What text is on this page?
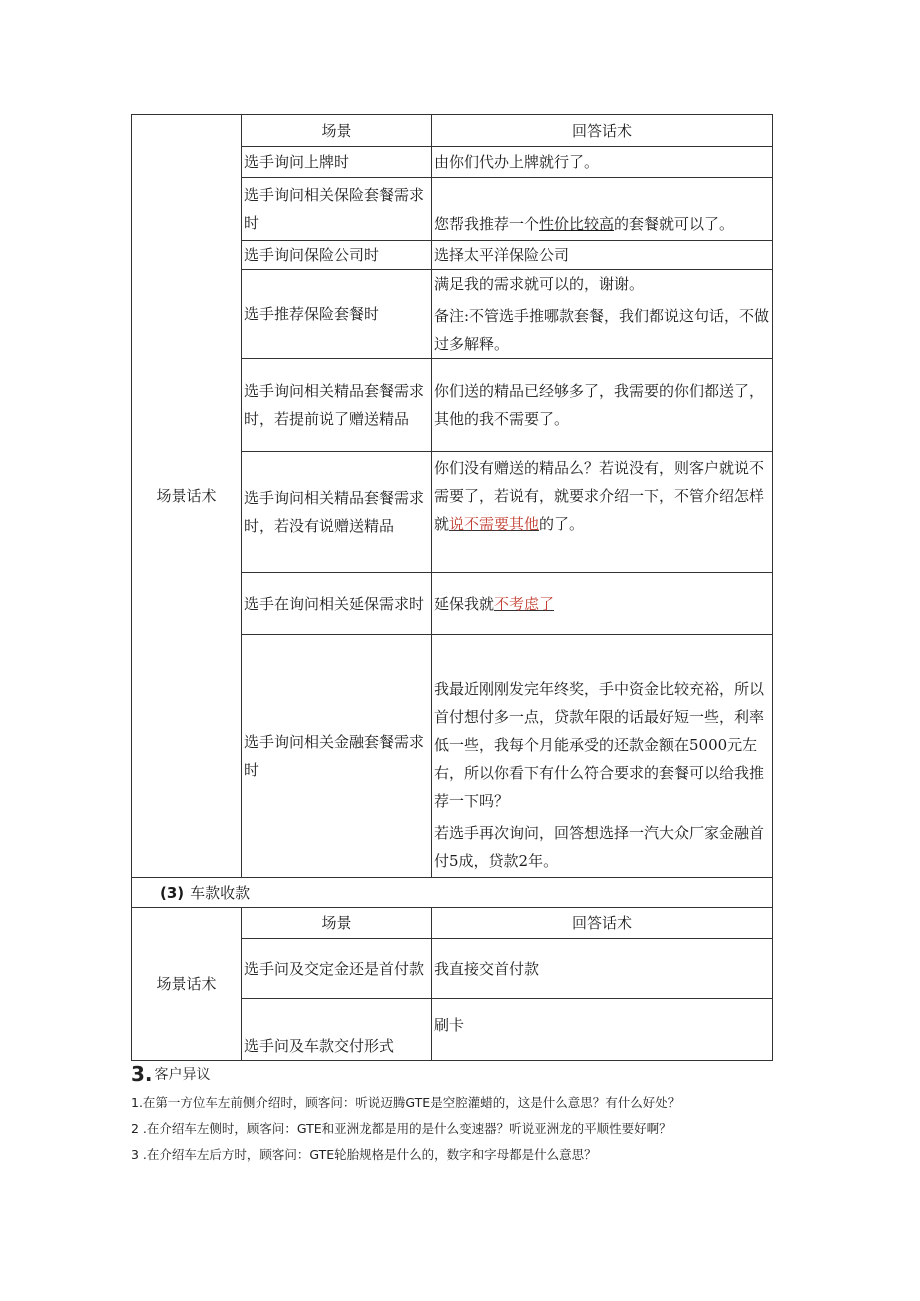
场景话术	场景	回答话术
	选手询问上牌时	由你们代办上牌就行了。
	选手询问相关保险套餐需求时	您帮我推荐一个性价比较高的套餐就可以了。
	选手询问保险公司时	选择太平洋保险公司
	选手推荐保险套餐时	满足我的需求就可以的，谢谢。

备注:不管选手推哪款套餐，我们都说这句话，不做过多解释。

	选手询问相关精品套餐需求时，若提前说了赠送精品	你们送的精品已经够多了，我需要的你们都送了，其他的我不需要了。
	选手询问相关精品套餐需求时，若没有说赠送精品	你们没有赠送的精品么？若说没有，则客户就说不需要了，若说有，就要求介绍一下，不管介绍怎样就说不需要其他的了。
	选手在询问相关延保需求时	延保我就不考虑了
	选手询问相关金融套餐需求时	我最近刚刚发完年终奖，手中资金比较充裕，所以首付想付多一点，贷款年限的话最好短一些，利率低一些，我每个月能承受的还款金额在5000元左右，所以你看下有什么符合要求的套餐可以给我推荐一下吗？

若选手再次询问，回答想选择一汽大众厂家金融首付5成，贷款2年。

(3) 车款收款		
场景话术	场景	回答话术
	选手问及交定金还是首付款	我直接交首付款
	选手问及车款交付形式	刷卡
3. 客户异议
1.在第一方位车左前侧介绍时，顾客问：听说迈腾GTE是空腔灌蜡的，这是什么意思？有什么好处？
2 .在介绍车左侧时，顾客问：GTE和亚洲龙都是用的是什么变速器？听说亚洲龙的平顺性要好啊？
3 .在介绍车左后方时，顾客问：GTE轮胎规格是什么的，数字和字母都是什么意思？
